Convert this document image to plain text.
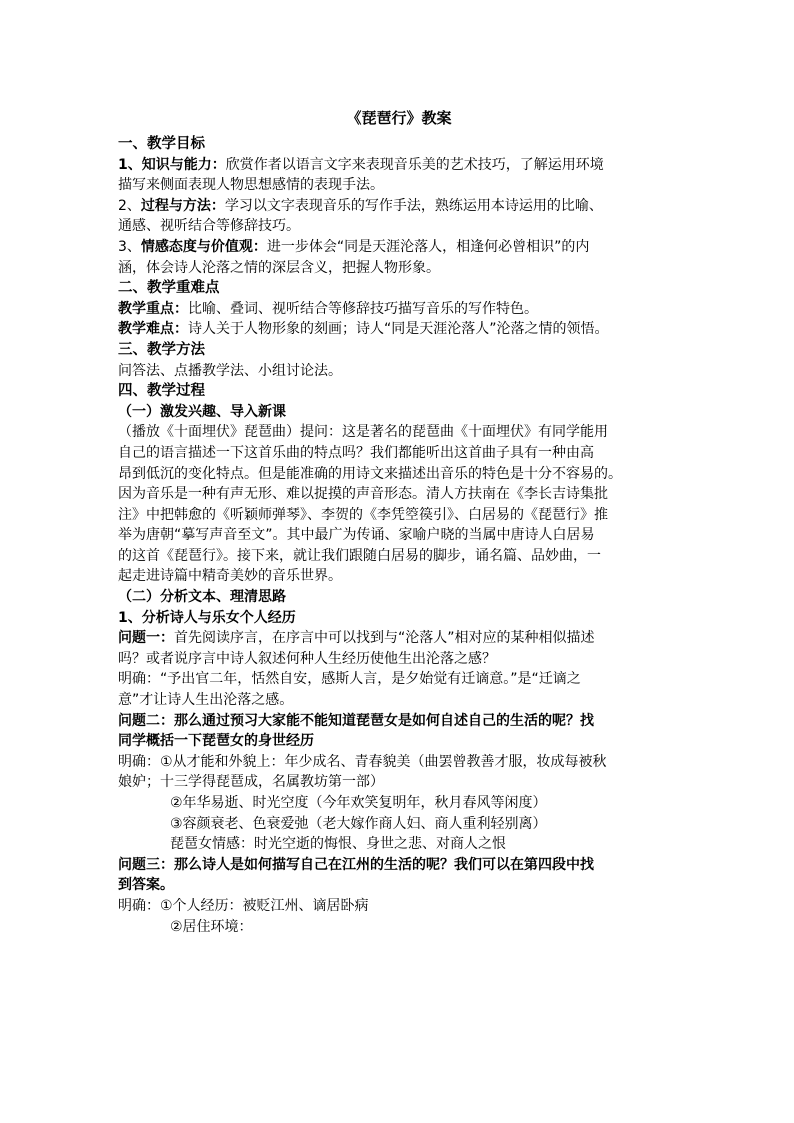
《琵琶行》教案

一、教学目标

1、知识与能力：欣赏作者以语言文字来表现音乐美的艺术技巧，了解运用环境

描写来侧面表现人物思想感情的表现手法。

2、过程与方法：学习以文字表现音乐的写作手法，熟练运用本诗运用的比喻、

通感、视听结合等修辞技巧。

3、情感态度与价值观：进一步体会“同是天涯沦落人，相逢何必曾相识”的内

涵，体会诗人沦落之情的深层含义，把握人物形象。

二、教学重难点

教学重点：比喻、叠词、视听结合等修辞技巧描写音乐的写作特色。

教学难点：诗人关于人物形象的刻画；诗人“同是天涯沦落人”沦落之情的领悟。

三、教学方法

问答法、点播教学法、小组讨论法。

四、教学过程

（一）激发兴趣、导入新课

（播放《十面埋伏》琵琶曲）提问：这是著名的琵琶曲《十面埋伏》有同学能用

自己的语言描述一下这首乐曲的特点吗？我们都能听出这首曲子具有一种由高

昂到低沉的变化特点。但是能准确的用诗文来描述出音乐的特色是十分不容易的。

因为音乐是一种有声无形、难以捉摸的声音形态。清人方扶南在《李长吉诗集批

注》中把韩愈的《听颖师弹琴》、李贺的《李凭箜篌引》、白居易的《琵琶行》推

举为唐朝“摹写声音至文”。其中最广为传诵、家喻户晓的当属中唐诗人白居易

的这首《琵琶行》。接下来，就让我们跟随白居易的脚步，诵名篇、品妙曲，一

起走进诗篇中精奇美妙的音乐世界。

（二）分析文本、理清思路

1、分析诗人与乐女个人经历

问题一：首先阅读序言，在序言中可以找到与“沦落人”相对应的某种相似描述

吗？或者说序言中诗人叙述何种人生经历使他生出沦落之感？

明确：“予出官二年，恬然自安，感斯人言，是夕始觉有迁谪意。”是“迁谪之

意”才让诗人生出沦落之感。

问题二：那么通过预习大家能不能知道琵琶女是如何自述自己的生活的呢？找

同学概括一下琵琶女的身世经历

明确：①从才能和外貌上：年少成名、青春貌美（曲罢曾教善才服，妆成每被秋

娘妒；十三学得琵琶成，名属教坊第一部）

②年华易逝、时光空度（今年欢笑复明年，秋月春风等闲度）

③容颜衰老、色衰爱弛（老大嫁作商人妇、商人重利轻别离）

琵琶女情感：时光空逝的悔恨、身世之悲、对商人之恨

问题三：那么诗人是如何描写自己在江州的生活的呢？我们可以在第四段中找

到答案。

明确：①个人经历：被贬江州、谪居卧病

②居住环境：
